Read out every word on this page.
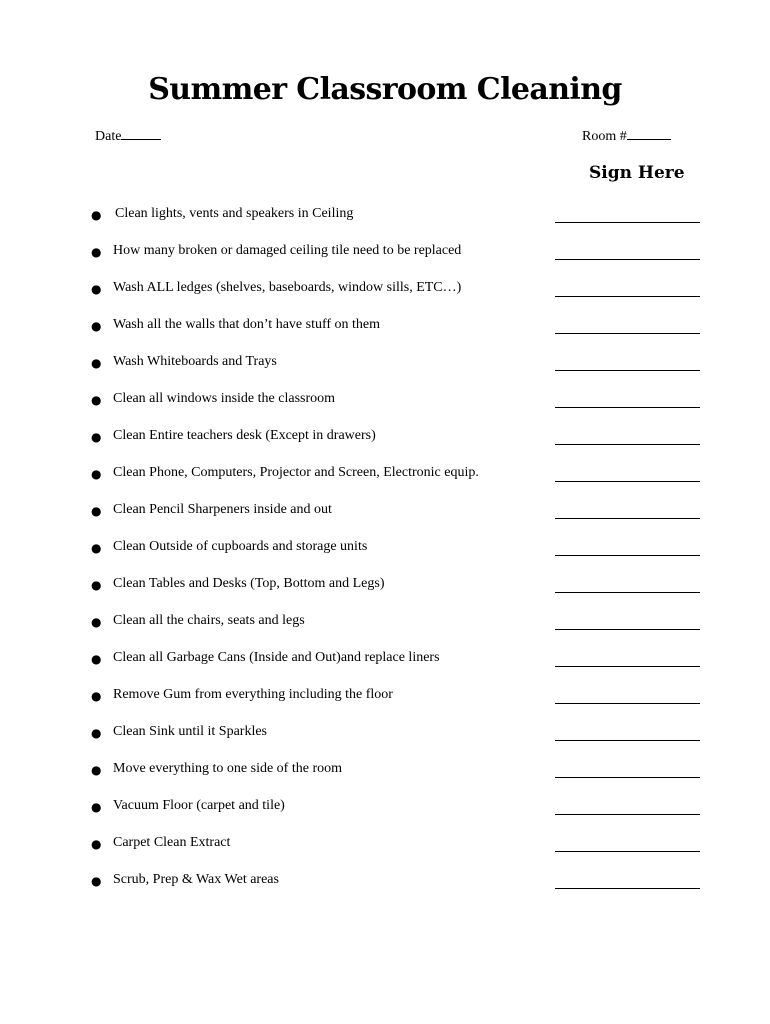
Summer Classroom Cleaning
Date	Room #
Sign Here
● Clean lights, vents and speakers in Ceiling
● How many broken or damaged ceiling tile need to be replaced
● Wash ALL ledges (shelves, baseboards, window sills, ETC…)
● Wash all the walls that don’t have stuff on them
● Wash Whiteboards and Trays
● Clean all windows inside the classroom
● Clean Entire teachers desk (Except in drawers)
● Clean Phone, Computers, Projector and Screen, Electronic equip.
● Clean Pencil Sharpeners inside and out
● Clean Outside of cupboards and storage units
● Clean Tables and Desks (Top, Bottom and Legs)
● Clean all the chairs, seats and legs
● Clean all Garbage Cans (Inside and Out)and replace liners
● Remove Gum from everything including the floor
● Clean Sink until it Sparkles
● Move everything to one side of the room
● Vacuum Floor (carpet and tile)
● Carpet Clean Extract
● Scrub, Prep & Wax Wet areas
